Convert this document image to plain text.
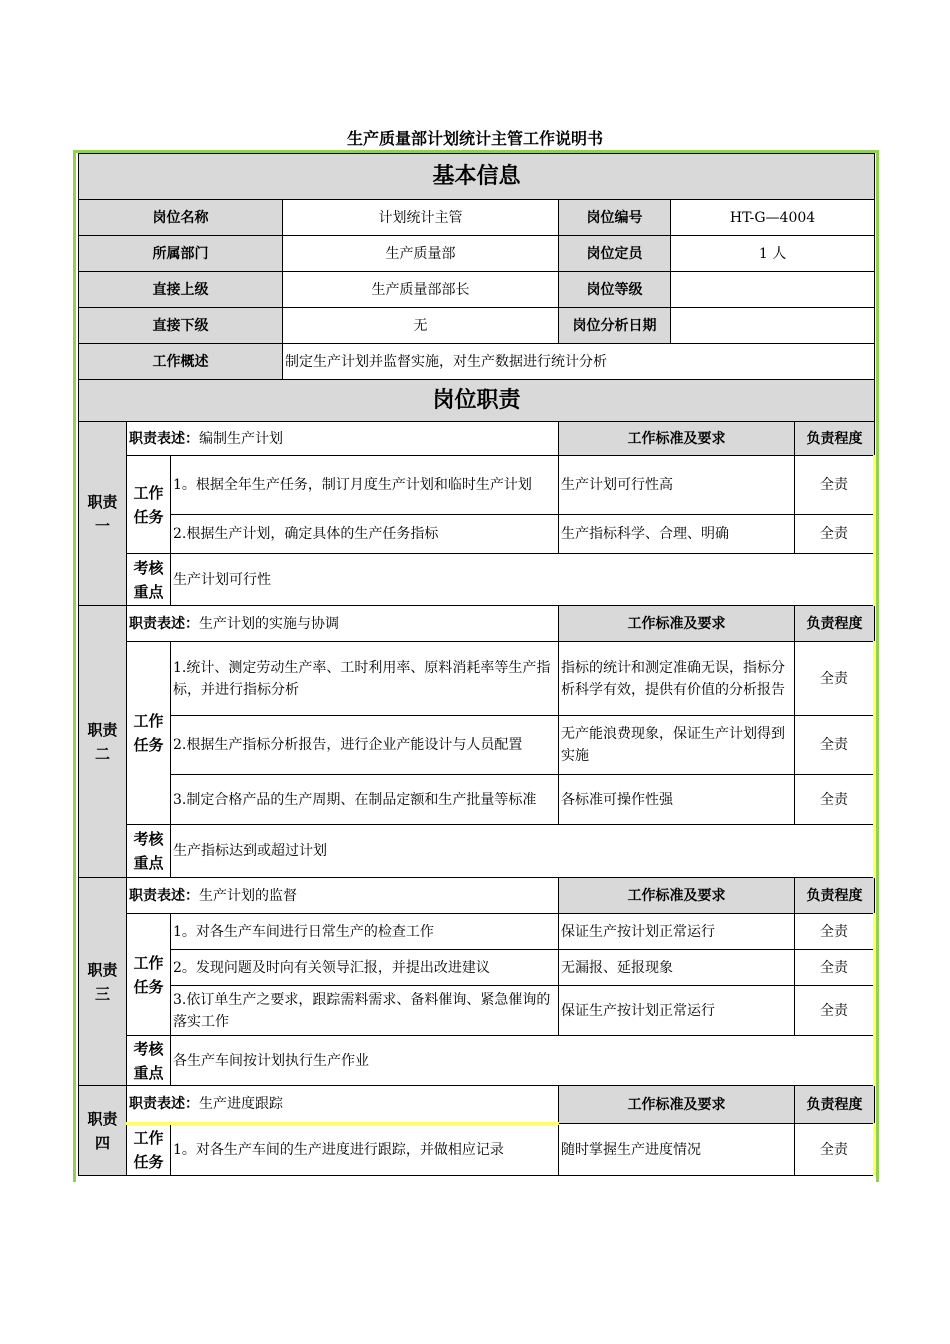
生产质量部计划统计主管工作说明书
基本信息						
岗位名称			计划统计主管	岗位编号	HT-G—4004	
所属部门			生产质量部	岗位定员	1 人	
直接上级			生产质量部部长	岗位等级		
直接下级			无	岗位分析日期		
工作概述			制定生产计划并监督实施，对生产数据进行统计分析			
岗位职责						
职责一	职责表述：编制生产计划			工作标准及要求		负责程度
	工作任务	1。根据全年生产任务，制订月度生产计划和临时生产计划		生产计划可行性高		全责
		2.根据生产计划，确定具体的生产任务指标		生产指标科学、合理、明确		全责
	考核重点	生产计划可行性				
职责二	职责表述：生产计划的实施与协调			工作标准及要求		负责程度
	工作任务	1.统计、测定劳动生产率、工时利用率、原料消耗率等生产指标，并进行指标分析		指标的统计和测定准确无误，指标分析科学有效，提供有价值的分析报告		全责
		2.根据生产指标分析报告，进行企业产能设计与人员配置		无产能浪费现象，保证生产计划得到实施		全责
		3.制定合格产品的生产周期、在制品定额和生产批量等标准		各标准可操作性强		全责
	考核重点	生产指标达到或超过计划				
职责三	职责表述：生产计划的监督			工作标准及要求		负责程度
	工作任务	1。对各生产车间进行日常生产的检查工作		保证生产按计划正常运行		全责
		2。发现问题及时向有关领导汇报，并提出改进建议		无漏报、延报现象		全责
		3.依订单生产之要求，跟踪需料需求、备料催询、紧急催询的落实工作		保证生产按计划正常运行		全责
	考核重点	各生产车间按计划执行生产作业				
职责四	职责表述：生产进度跟踪			工作标准及要求		负责程度
	工作任务	1。对各生产车间的生产进度进行跟踪，并做相应记录		随时掌握生产进度情况		全责
